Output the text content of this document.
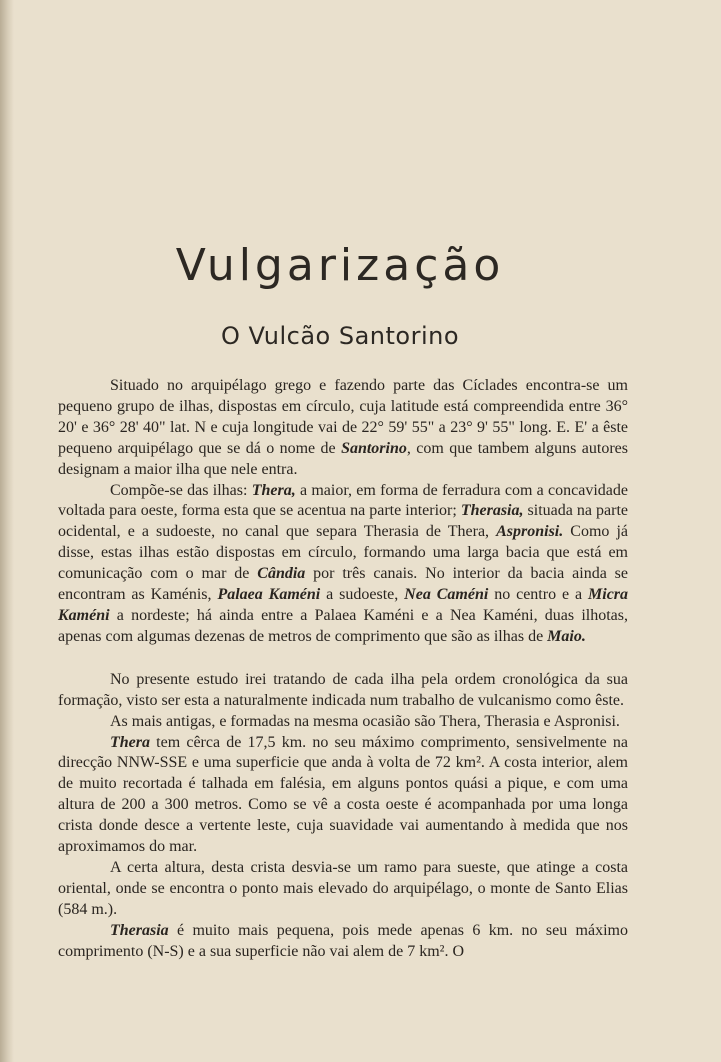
Vulgarização
O Vulcão Santorino

Situado no arquipélago grego e fazendo parte das Cíclades encontra-se um pequeno grupo de ilhas, dispostas em círculo, cuja latitude está compreendida entre 36° 20' e 36° 28' 40" lat. N e cuja longitude vai de 22° 59' 55" a 23° 9' 55" long. E. E' a êste pequeno arquipélago que se dá o nome de Santorino, com que tambem alguns autores designam a maior ilha que nele entra.

Compõe-se das ilhas: Thera, a maior, em forma de ferradura com a concavidade voltada para oeste, forma esta que se acentua na parte interior; Therasia, situada na parte ocidental, e a sudoeste, no canal que separa Therasia de Thera, Aspronisi. Como já disse, estas ilhas estão dispostas em círculo, formando uma larga bacia que está em comunicação com o mar de Cândia por três canais. No interior da bacia ainda se encontram as Kaménis, Palaea Kaméni a sudoeste, Nea Caméni no centro e a Micra Kaméni a nordeste; há ainda entre a Palaea Kaméni e a Nea Kaméni, duas ilhotas, apenas com algumas dezenas de metros de comprimento que são as ilhas de Maio.

No presente estudo irei tratando de cada ilha pela ordem cronológica da sua formação, visto ser esta a naturalmente indicada num trabalho de vulcanismo como êste.

As mais antigas, e formadas na mesma ocasião são Thera, Therasia e Aspronisi.

Thera tem cêrca de 17,5 km. no seu máximo comprimento, sensivelmente na direcção NNW-SSE e uma superficie que anda à volta de 72 km². A costa interior, alem de muito recortada é talhada em falésia, em alguns pontos quási a pique, e com uma altura de 200 a 300 metros. Como se vê a costa oeste é acompanhada por uma longa crista donde desce a vertente leste, cuja suavidade vai aumentando à medida que nos aproximamos do mar.

A certa altura, desta crista desvia-se um ramo para sueste, que atinge a costa oriental, onde se encontra o ponto mais elevado do arquipélago, o monte de Santo Elias (584 m.).

Therasia é muito mais pequena, pois mede apenas 6 km. no seu máximo comprimento (N-S) e a sua superficie não vai alem de 7 km². O
